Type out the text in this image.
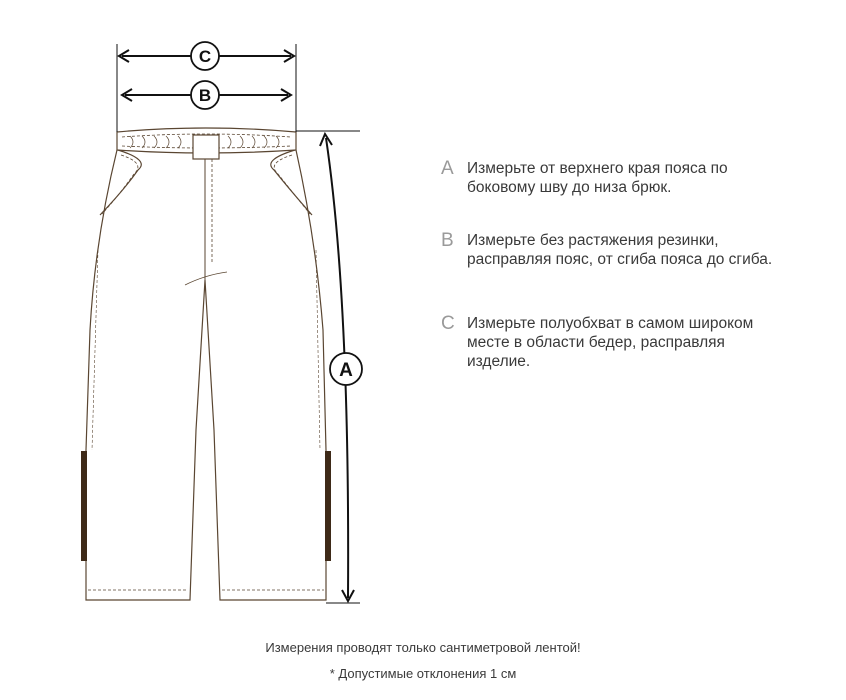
C
B
A
A Измерьте от верхнего края пояса по боковому шву до низа брюк.
B Измерьте без растяжения резинки, расправляя пояс, от сгиба пояса до сгиба.
C Измерьте полуобхват в самом широком месте в области бедер, расправляя изделие.
Измерения проводят только сантиметровой лентой!
* Допустимые отклонения 1 см
